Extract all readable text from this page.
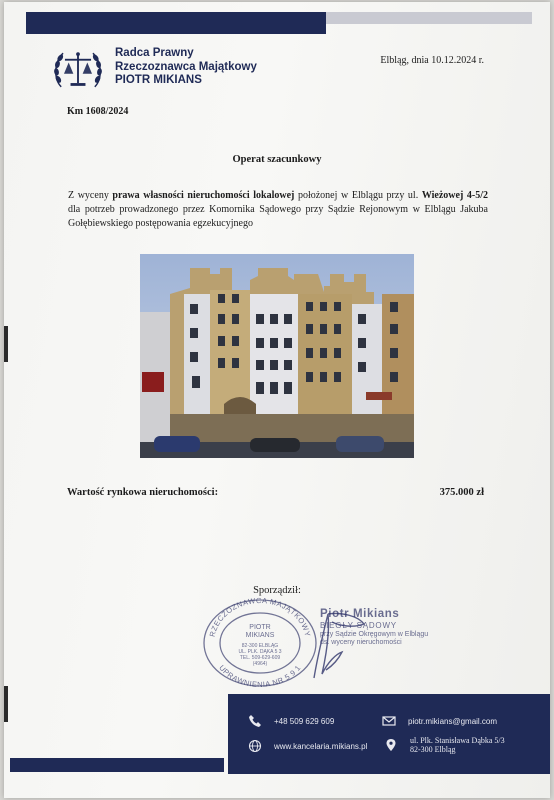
Radca Prawny
Rzeczoznawca Majątkowy
PIOTR MIKIANS
Elbląg, dnia 10.12.2024 r.
Km 1608/2024
Operat szacunkowy
Z wyceny prawa własności nieruchomości lokalowej położonej w Elblągu przy ul. Wieżowej 4-5/2 dla potrzeb prowadzonego przez Komornika Sądowego przy Sądzie Rejonowym w Elblągu Jakuba Gołębiewskiego postępowania egzekucyjnego
Wartość rynkowa nieruchomości:	375.000 zł
Sporządził:
RZECZOZNAWCA MAJĄTKOWY
UPRAWNIENIA NR 5 9 1
PIOTR
MIKIANS
82-300 ELBLĄG
UL. PLK. DĄKA 5 3
TEL. 509-629-609
(4964)
Piotr Mikians
BIEGŁY SĄDOWY
przy Sądzie Okręgowym w Elblągu
ds. wyceny nieruchomości
+48 509 629 609	piotr.mikians@gmail.com
www.kancelaria.mikians.pl
ul. Plk. Stanisława Dąbka 5/3
82-300 Elbląg
